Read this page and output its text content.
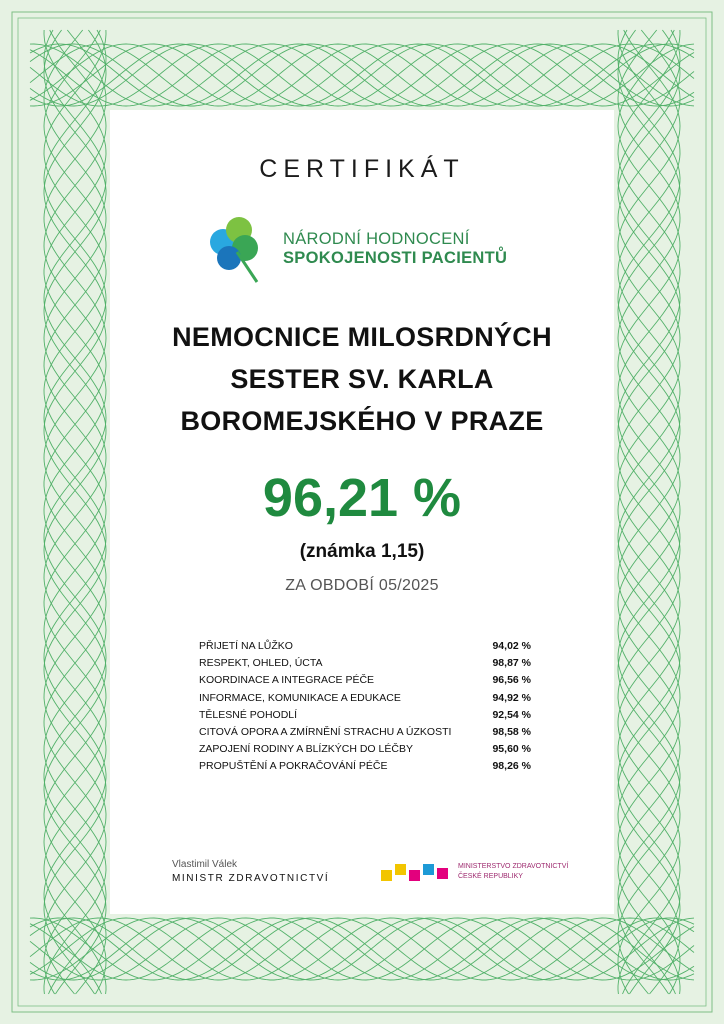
CERTIFIKÁT
NÁRODNÍ HODNOCENÍ
SPOKOJENOSTI PACIENTŮ
NEMOCNICE MILOSRDNÝCH
SESTER SV. KARLA
BOROMEJSKÉHO V PRAZE
96,21 %
(známka 1,15)
ZA OBDOBÍ 05/2025
PŘIJETÍ NA LŮŽKO	94,02 %
RESPEKT, OHLED, ÚCTA	98,87 %
KOORDINACE A INTEGRACE PÉČE	96,56 %
INFORMACE, KOMUNIKACE A EDUKACE	94,92 %
TĚLESNÉ POHODLÍ	92,54 %
CITOVÁ OPORA A ZMÍRNĚNÍ STRACHU A ÚZKOSTI	98,58 %
ZAPOJENÍ RODINY A BLÍZKÝCH DO LÉČBY	95,60 %
PROPUŠTĚNÍ A POKRAČOVÁNÍ PÉČE	98,26 %
Vlastimil Válek
MINISTR ZDRAVOTNICTVÍ
MINISTERSTVO ZDRAVOTNICTVÍ
ČESKÉ REPUBLIKY
